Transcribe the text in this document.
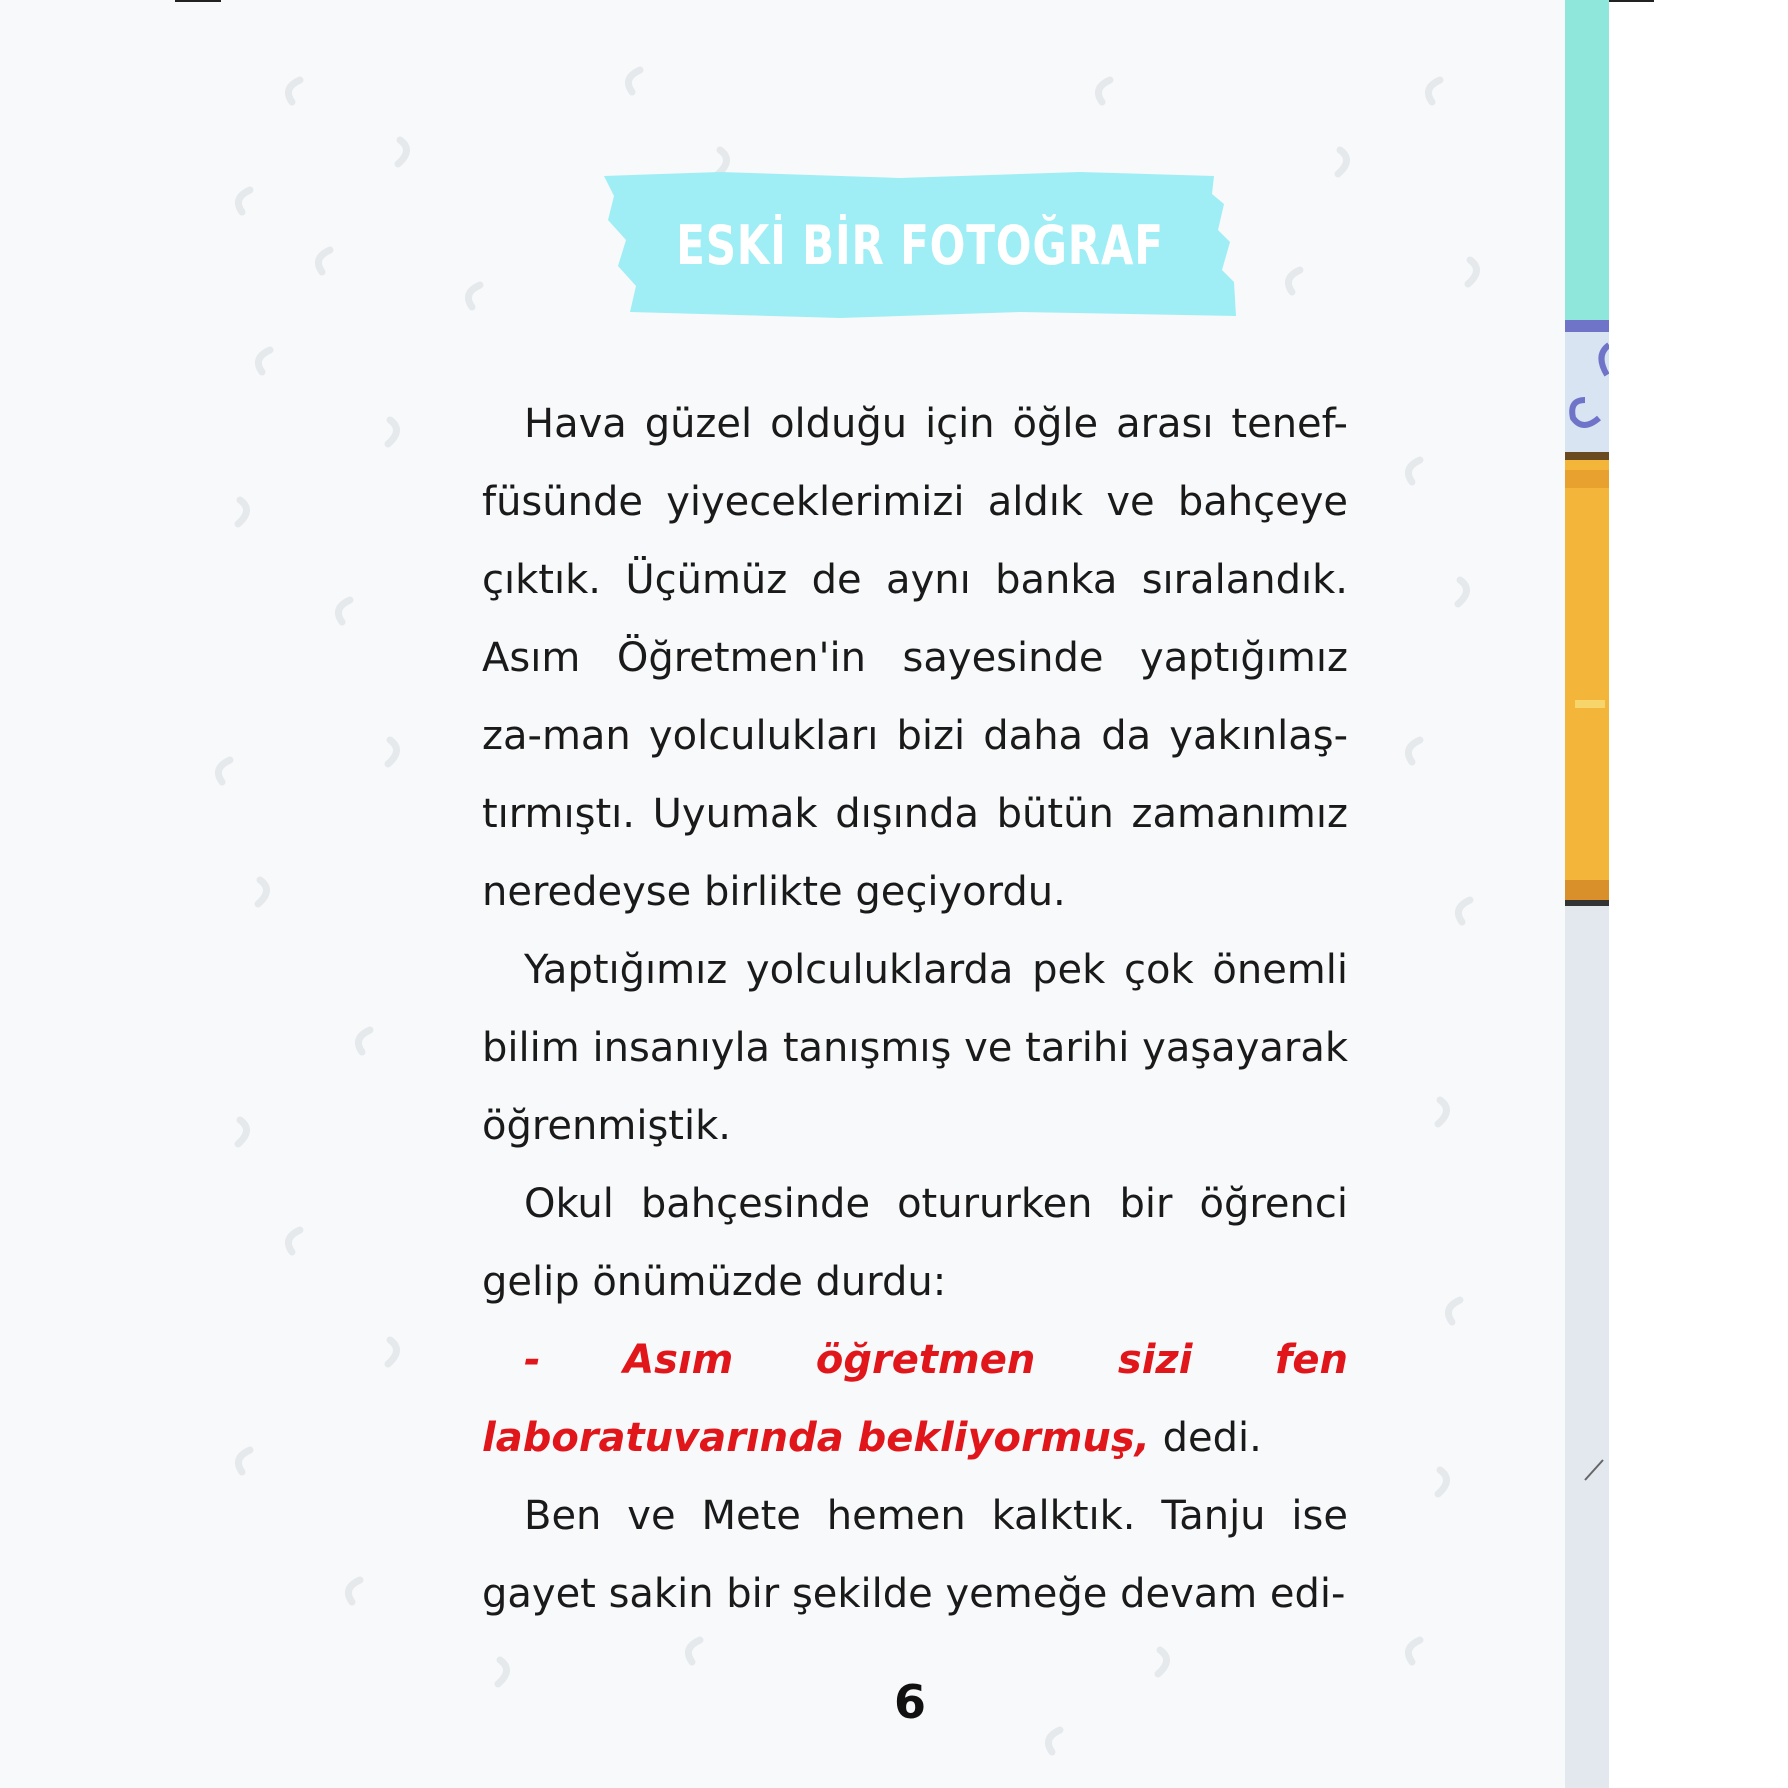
ESKİ BİR FOTOĞRAF

Hava güzel olduğu için öğle arası tenef-füsünde yiyeceklerimizi aldık ve bahçeye çıktık. Üçümüz de aynı banka sıralandık. Asım Öğretmen'in sayesinde yaptığımız za-man yolculukları bizi daha da yakınlaş-tırmıştı. Uyumak dışında bütün zamanımız neredeyse birlikte geçiyordu.

Yaptığımız yolculuklarda pek çok önemli bilim insanıyla tanışmış ve tarihi yaşayarak öğrenmiştik.

Okul bahçesinde otururken bir öğrenci gelip önümüzde durdu:

- Asım öğretmen sizi fen laboratuvarında bekliyormuş, dedi.

Ben ve Mete hemen kalktık. Tanju ise gayet sakin bir şekilde yemeğe devam edi-

6
